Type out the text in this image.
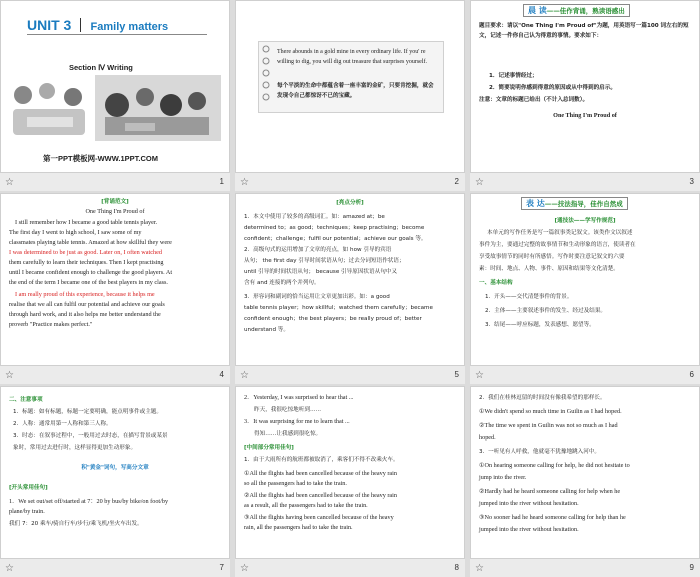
UNIT 3 Family matters
Section Ⅳ Writing
第一PPT模板网-WWW.1PPT.COM
☆	1
There abounds in a gold mine in every ordinary life. If you' re willing to dig, you will dig out treasure that surprises yourself.
每个平淡的生命中都蕴含着一座丰富的金矿，只要肯挖掘，就会发现令自己都惊讶不已的宝藏。
☆	2
晨 读——佳作背诵，熟读语感出
题目要求：请以"One Thing I'm Proud of"为题，用英语写一篇100 词左右的短文，记述一件你自己认为得意的事情。要求如下：
1．记述事情经过；
2．简要说明你感到得意的原因或从中得到的启示。
注意：文章的标题已给出（不计入总词数）。
One Thing I'm Proud of
☆	3
[背诵范文]
One Thing I'm Proud of
I still remember how I became a good table tennis player.
The first day I went to high school, I saw some of my
classmates playing table tennis. Amazed at how skillful they were
I was determined to be just as good. Later on, I often watched
them carefully to learn their techniques. Then I kept practising
until I became confident enough to challenge the good players. At
the end of the term I became one of the best players in my class.
I am really proud of this experience, because it helps me
realise that we all can fulfil our potential and achieve our goals
through hard work, and it also helps me better understand the
proverb "Practice makes perfect."
☆	4
[亮点分析]
1．本文中使用了较多的高级词汇。如：amazed at；be
determined to；as good；techniques；keep practising；become
confident；challenge；fulfil our potential；achieve our goals 等。
2．高级句式的运用增加了文章的亮点，如 how 引导的宾语
从句； the first day 引导时间状语从句；过去分词短语作状语；
until 引导的时间状语从句； because 引导原因状语从句中又
含有 and 连接的两个并列句。
3．形容词和副词的恰当运用让文章更加出彩。如：a good
table tennis player；how skillful；watched them carefully；became
confident enough；the best players；be really proud of；better
understand 等。
☆	5
表 达——技法指导，佳作自然成
[通技法——学写作规范]
本单元的写作任务是写一篇叙事类记叙文。该类作文以叙述
事件为主，要通过完整的故事情节和生动形象的语言，使读者在
享受故事情节的同时有所感悟。写作时要注意记叙文的六要
素：时间、地点、人物、事件、原因和结果等文化清楚。
一、基本结构
1．开头——交代清楚事件的背景。
2．主体——主要叙述事件的发生、经过及结果。
3．结尾——呼应标题，发表感想、愿望等。
☆	6
二、注意事项
1．标题：如有标题，标题一定要明确，能点明事件或主题。
2．人称：通常用第一人称和第三人称。
3．时态：在叙事过程中，一般用过去时态，在描写背景或某景
象时，常用过去进行时，这样显得更加生动形象。
积"黄金"词句，写高分文章
[开头常用佳句]
1．We set out/set off/started at 7：20 by bus/by bike/on foot/by
plane/by train.
我们 7：20 乘车/骑自行车/步行/乘飞机/坐火车出发。
☆	7
2．Yesterday, I was surprised to hear that ...
昨天，我很吃惊地听到……
3．It was surprising for me to learn that ...
得知……让我感到很吃惊。
[中间部分常用佳句]
1．由于大雨所有的航班都被取消了，乘客们不得不改乘火车。
①All the flights had been cancelled because of the heavy rain
so all the passengers had to take the train.
②All the flights had been cancelled because of the heavy rain
as a result, all the passengers had to take the train.
③All the flights having been cancelled because of the heavy
rain, all the passengers had to take the train.
☆	8
2．我们在桂林逗留的时间没有像我希望的那样长。
①We didn't spend so much time in Guilin as I had hoped.
②The time we spent in Guilin was not so much as I had
hoped.
3．一听见有人呼救，他就毫不犹豫地跳入河中。
①On hearing someone calling for help, he did not hesitate to
jump into the river.
②Hardly had he heard someone calling for help when he
jumped into the river without hesitation.
③No sooner had he heard someone calling for help than he
jumped into the river without hesitation.
☆	9
